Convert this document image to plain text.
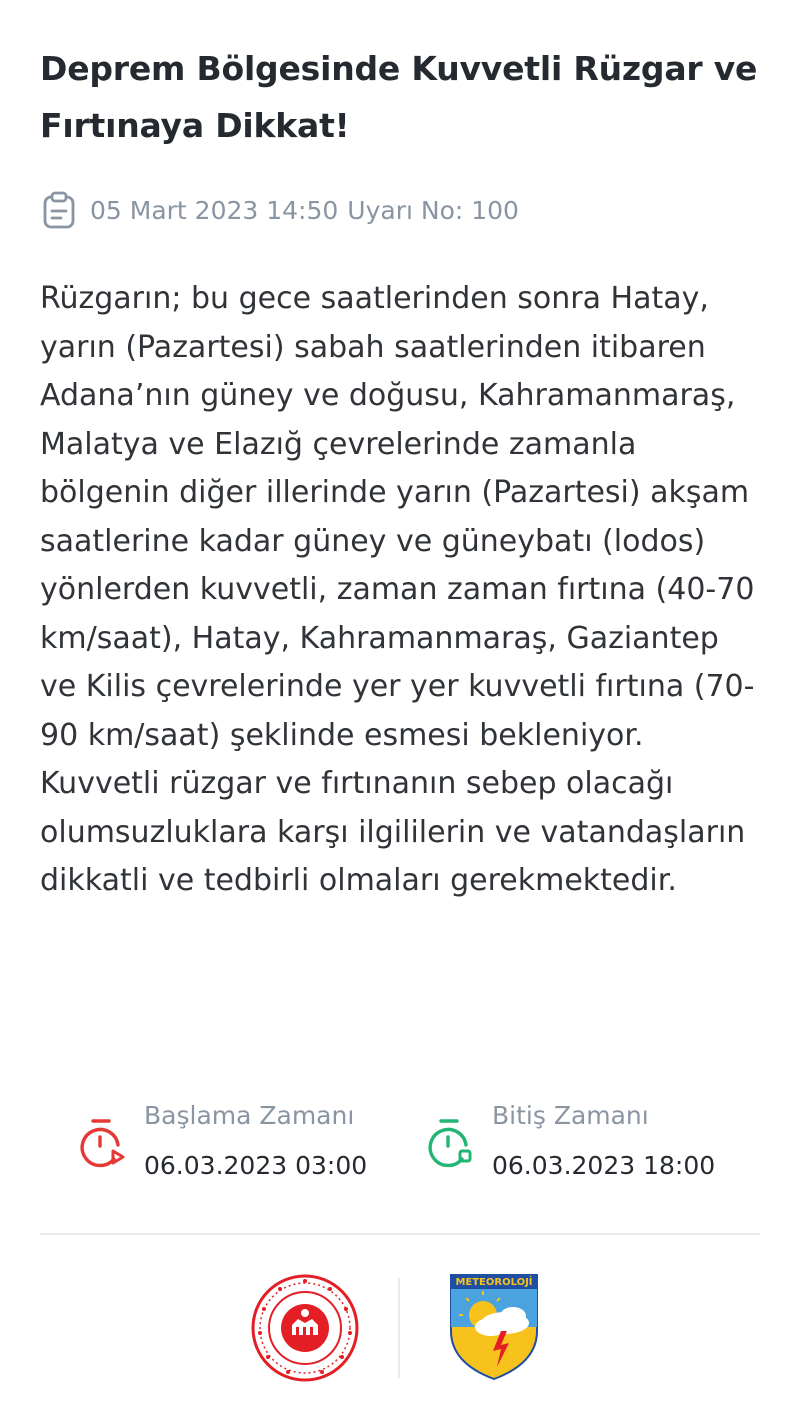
Deprem Bölgesinde Kuvvetli Rüzgar ve Fırtınaya Dikkat!
05 Mart 2023 14:50 Uyarı No: 100

Rüzgarın; bu gece saatlerinden sonra Hatay, yarın (Pazartesi) sabah saatlerinden itibaren Adana’nın güney ve doğusu, Kahramanmaraş, Malatya ve Elazığ çevrelerinde zamanla bölgenin diğer illerinde yarın (Pazartesi) akşam saatlerine kadar güney ve güneybatı (lodos) yönlerden kuvvetli, zaman zaman fırtına (40-70 km/saat), Hatay, Kahramanmaraş, Gaziantep ve Kilis çevrelerinde yer yer kuvvetli fırtına (70-90 km/saat) şeklinde esmesi bekleniyor. Kuvvetli rüzgar ve fırtınanın sebep olacağı olumsuzluklara karşı ilgililerin ve vatandaşların dikkatli ve tedbirli olmaları gerekmektedir.

Başlama Zamanı
06.03.2023 03:00
Bitiş Zamanı
06.03.2023 18:00
METEOROLOJİ
